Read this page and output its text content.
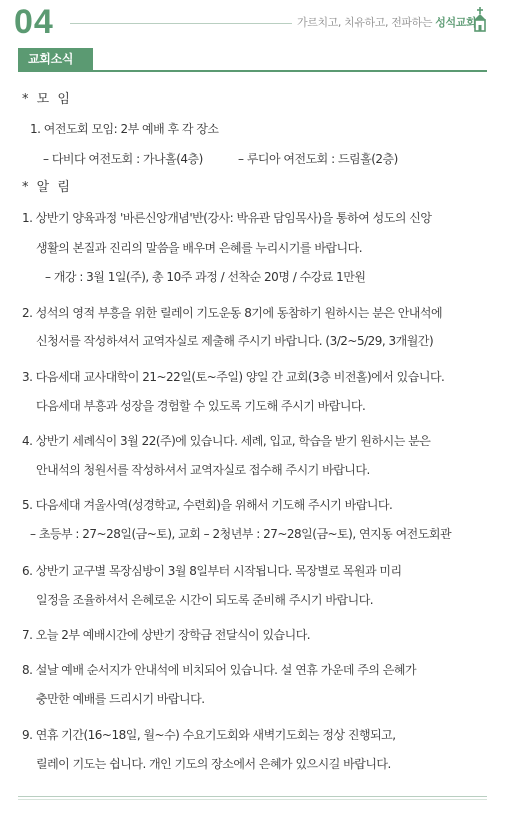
04	가르치고, 치유하고, 전파하는 성석교회
교회소식
* 모 임
1. 여전도회 모임: 2부 예배 후 각 장소
– 다비다 여전도회 : 가나홀(4층)	– 루디아 여전도회 : 드림홀(2층)
* 알 림
1. 상반기 양육과정 '바른신앙개념'반(강사: 박유관 담임목사)을 통하여 성도의 신앙
생활의 본질과 진리의 말씀을 배우며 은혜를 누리시기를 바랍니다.
– 개강 : 3월 1일(주), 총 10주 과정 / 선착순 20명 / 수강료 1만원
2. 성석의 영적 부흥을 위한 릴레이 기도운동 8기에 동참하기 원하시는 분은 안내석에
신청서를 작성하셔서 교역자실로 제출해 주시기 바랍니다. (3/2~5/29, 3개월간)
3. 다음세대 교사대학이 21~22일(토~주일) 양일 간 교회(3층 비전홀)에서 있습니다.
다음세대 부흥과 성장을 경험할 수 있도록 기도해 주시기 바랍니다.
4. 상반기 세례식이 3월 22(주)에 있습니다. 세례, 입교, 학습을 받기 원하시는 분은
안내석의 청원서를 작성하셔서 교역자실로 접수해 주시기 바랍니다.
5. 다음세대 겨울사역(성경학교, 수련회)을 위해서 기도해 주시기 바랍니다.
– 초등부 : 27~28일(금~토), 교회 – 2청년부 : 27~28일(금~토), 연지동 여전도회관
6. 상반기 교구별 목장심방이 3월 8일부터 시작됩니다. 목장별로 목원과 미리
일정을 조율하셔서 은혜로운 시간이 되도록 준비해 주시기 바랍니다.
7. 오늘 2부 예배시간에 상반기 장학금 전달식이 있습니다.
8. 설날 예배 순서지가 안내석에 비치되어 있습니다. 설 연휴 가운데 주의 은혜가
충만한 예배를 드리시기 바랍니다.
9. 연휴 기간(16~18일, 월~수) 수요기도회와 새벽기도회는 정상 진행되고,
릴레이 기도는 쉽니다. 개인 기도의 장소에서 은혜가 있으시길 바랍니다.
